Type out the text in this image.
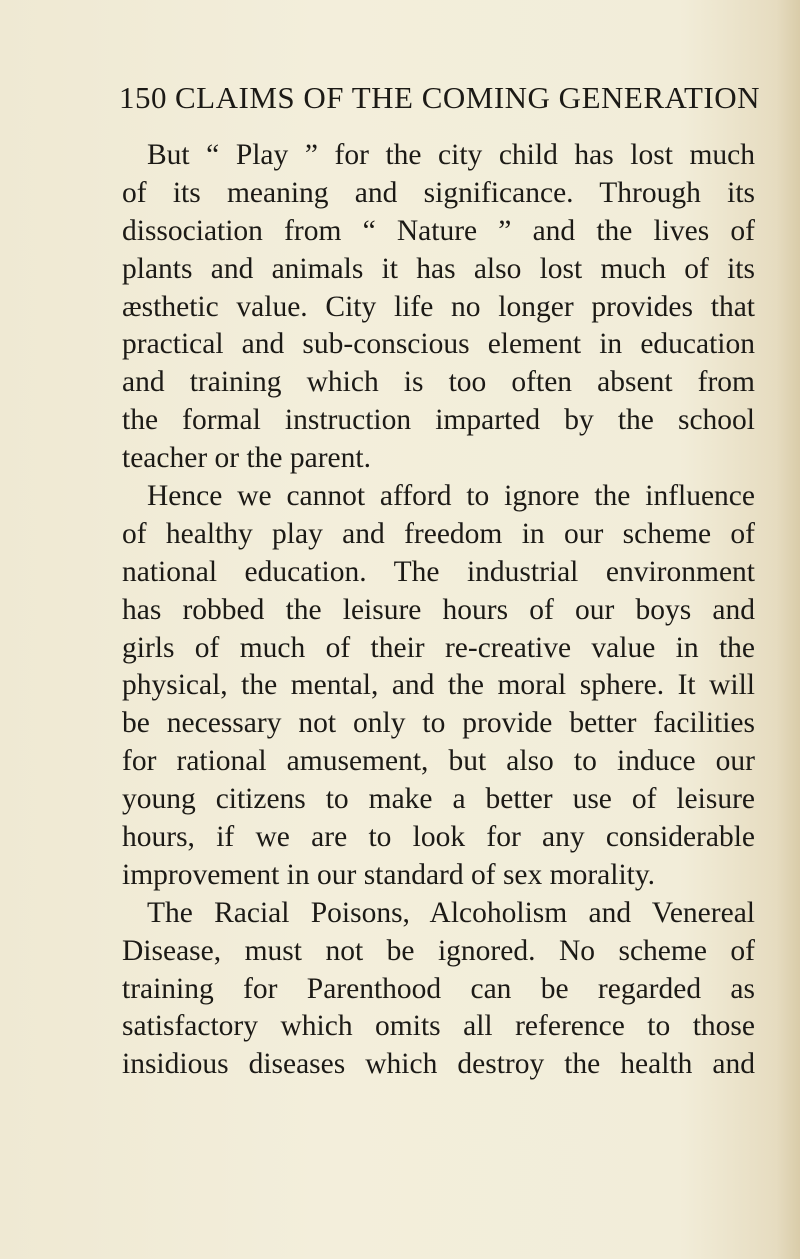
150 CLAIMS OF THE COMING GENERATION
But “ Play ” for the city child has lost much
of its meaning and significance. Through its
dissociation from “ Nature ” and the lives of
plants and animals it has also lost much of its
æsthetic value. City life no longer provides that
practical and sub-conscious element in education
and training which is too often absent from
the formal instruction imparted by the school
teacher or the parent.
Hence we cannot afford to ignore the influence
of healthy play and freedom in our scheme of
national education. The industrial environment
has robbed the leisure hours of our boys and
girls of much of their re-creative value in the
physical, the mental, and the moral sphere. It will
be necessary not only to provide better facilities
for rational amusement, but also to induce our
young citizens to make a better use of leisure
hours, if we are to look for any considerable
improvement in our standard of sex morality.
The Racial Poisons, Alcoholism and Venereal
Disease, must not be ignored. No scheme of
training for Parenthood can be regarded as
satisfactory which omits all reference to those
insidious diseases which destroy the health and
